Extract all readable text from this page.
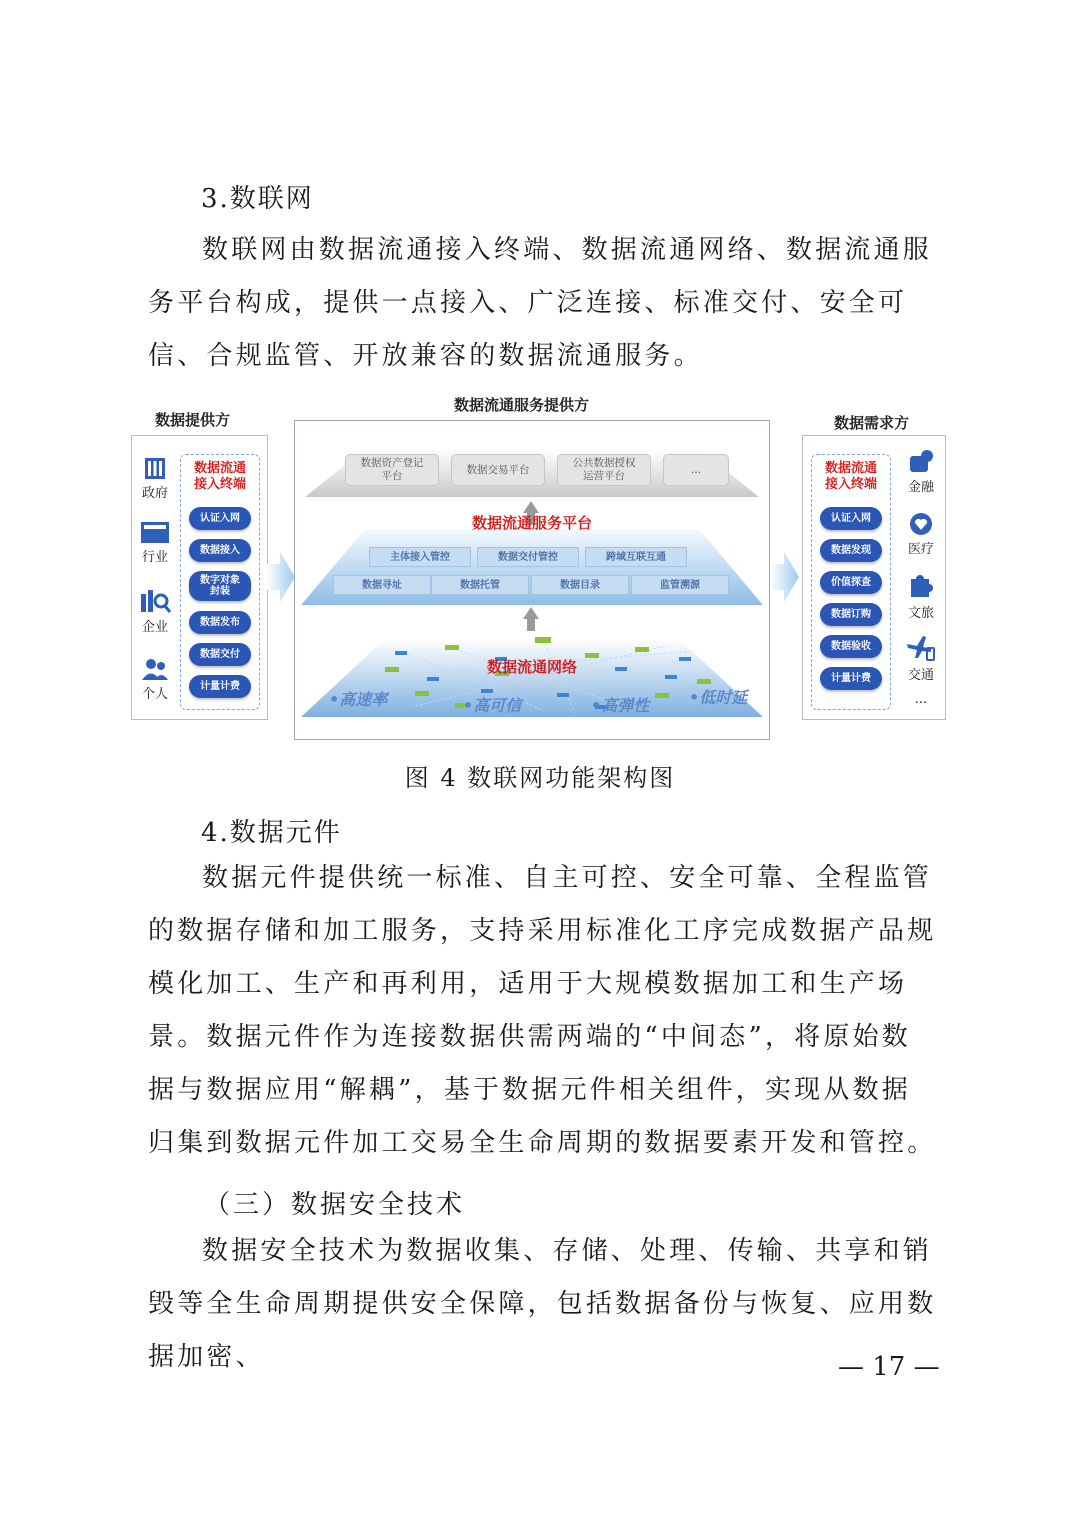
3.数联网

数联网由数据流通接入终端、数据流通网络、数据流通服务平台构成，提供一点接入、广泛连接、标准交付、安全可信、合规监管、开放兼容的数据流通服务。

数据提供方
政府
行业
企业
个人
数据流通
接入终端
认证入网
数据接入
数字对象
封装
数据发布
数据交付
计量计费
数据流通服务提供方
数据资产登记
平台
数据交易平台
公共数据授权
运营平台
...
数据流通服务平台
主体接入管控	数据交付管控	跨域互联互通
数据寻址	数据托管	数据目录	监管溯源
数据流通网络
•高速率	•高可信	•高弹性 •低时延
数据需求方
数据流通
接入终端
认证入网
数据发现
价值探查
数据订购
数据验收
计量计费
金融
医疗
文旅
交通
...
图 4 数联网功能架构图

4.数据元件

数据元件提供统一标准、自主可控、安全可靠、全程监管的数据存储和加工服务，支持采用标准化工序完成数据产品规模化加工、生产和再利用，适用于大规模数据加工和生产场景。数据元件作为连接数据供需两端的“中间态”，将原始数据与数据应用“解耦”，基于数据元件相关组件，实现从数据归集到数据元件加工交易全生命周期的数据要素开发和管控。

（三）数据安全技术

数据安全技术为数据收集、存储、处理、传输、共享和销毁等全生命周期提供安全保障，包括数据备份与恢复、应用数据加密、	— 17 —
